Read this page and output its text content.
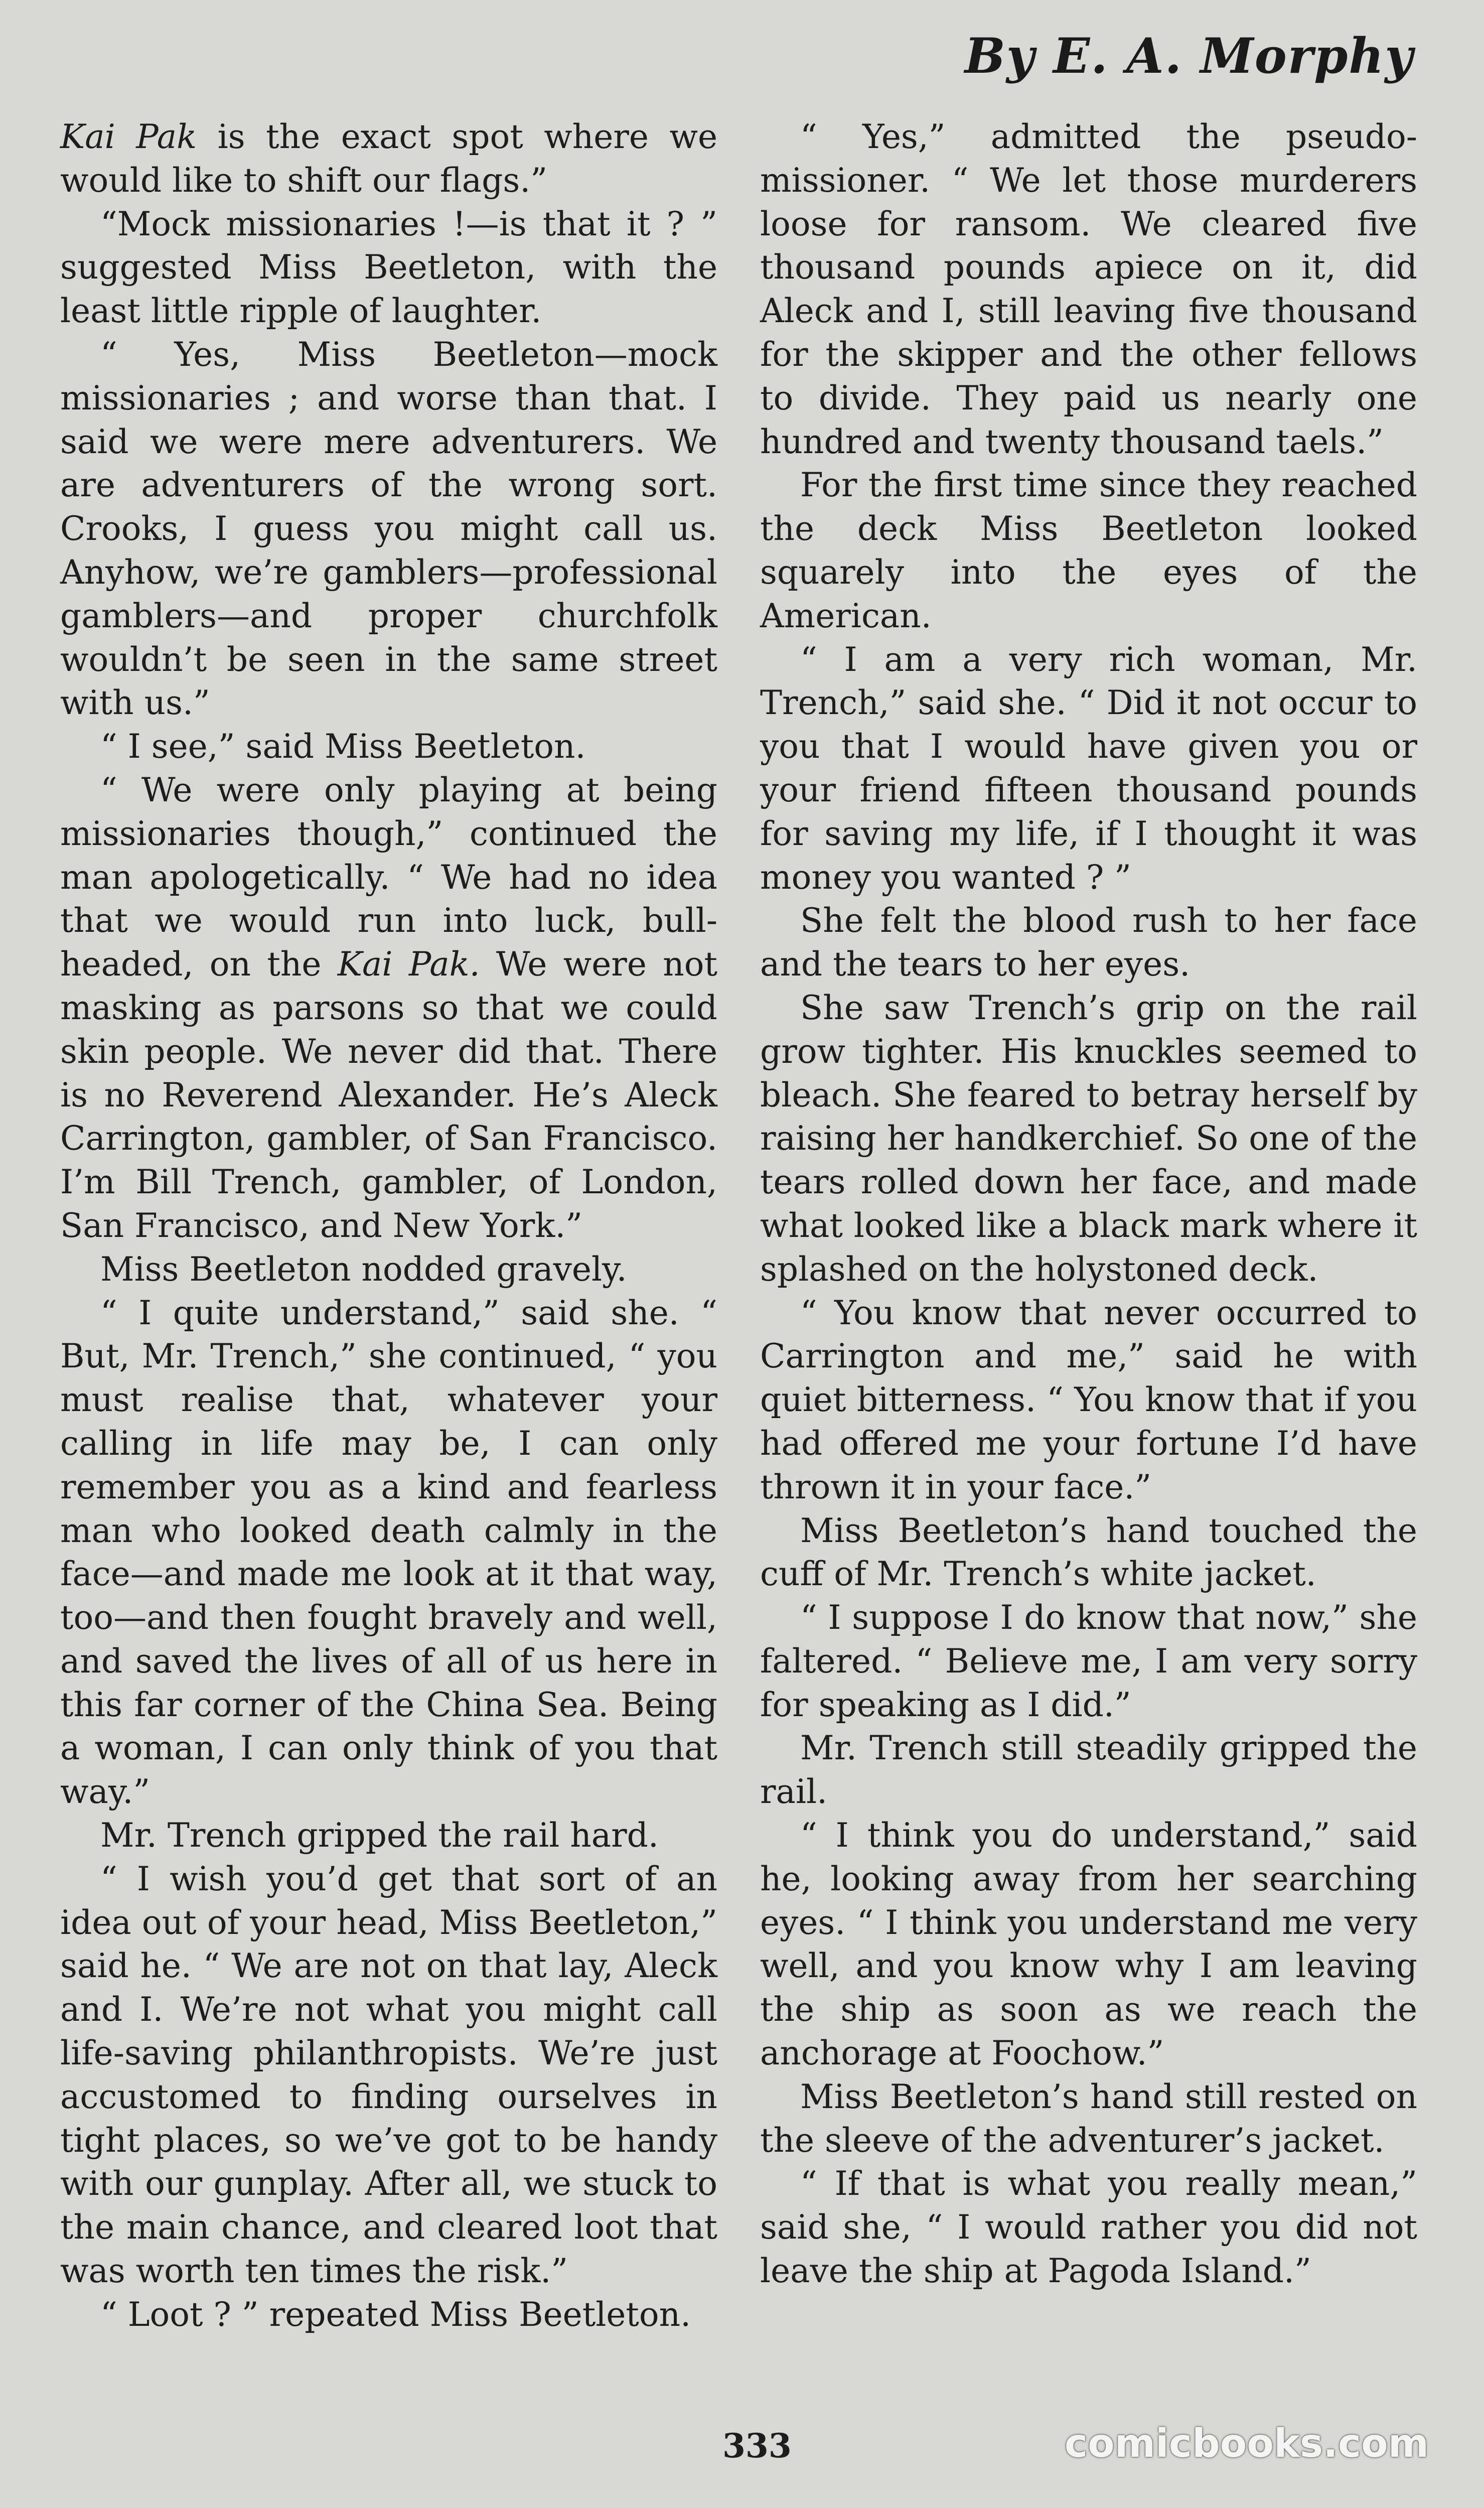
By E. A. Morphy

Kai Pak is the exact spot where we would like to shift our flags.”

“Mock missionaries !—is that it ? ” suggested Miss Beetleton, with the least little ripple of laughter.

“ Yes, Miss Beetleton—mock missionaries ; and worse than that. I said we were mere adventurers. We are adventurers of the wrong sort. Crooks, I guess you might call us. Anyhow, we’re gamblers—professional gamblers—and proper churchfolk wouldn’t be seen in the same street with us.”

“ I see,” said Miss Beetleton.

“ We were only playing at being missionaries though,” continued the man apologetically. “ We had no idea that we would run into luck, bull-headed, on the Kai Pak. We were not masking as parsons so that we could skin people. We never did that. There is no Reverend Alexander. He’s Aleck Carrington, gambler, of San Francisco. I’m Bill Trench, gambler, of London, San Francisco, and New York.”

Miss Beetleton nodded gravely.

“ I quite understand,” said she. “ But, Mr. Trench,” she continued, “ you must realise that, whatever your calling in life may be, I can only remember you as a kind and fearless man who looked death calmly in the face—and made me look at it that way, too—and then fought bravely and well, and saved the lives of all of us here in this far corner of the China Sea. Being a woman, I can only think of you that way.”

Mr. Trench gripped the rail hard.

“ I wish you’d get that sort of an idea out of your head, Miss Beetleton,” said he. “ We are not on that lay, Aleck and I. We’re not what you might call life-saving philanthropists. We’re just accustomed to finding ourselves in tight places, so we’ve got to be handy with our gunplay. After all, we stuck to the main chance, and cleared loot that was worth ten times the risk.”

“ Loot ? ” repeated Miss Beetleton.

“ Yes,” admitted the pseudo-missioner. “ We let those murderers loose for ransom. We cleared five thousand pounds apiece on it, did Aleck and I, still leaving five thousand for the skipper and the other fellows to divide. They paid us nearly one hundred and twenty thousand taels.”

For the first time since they reached the deck Miss Beetleton looked squarely into the eyes of the American.

“ I am a very rich woman, Mr. Trench,” said she. “ Did it not occur to you that I would have given you or your friend fifteen thousand pounds for saving my life, if I thought it was money you wanted ? ”

She felt the blood rush to her face and the tears to her eyes.

She saw Trench’s grip on the rail grow tighter. His knuckles seemed to bleach. She feared to betray herself by raising her handkerchief. So one of the tears rolled down her face, and made what looked like a black mark where it splashed on the holystoned deck.

“ You know that never occurred to Carrington and me,” said he with quiet bitterness. “ You know that if you had offered me your fortune I’d have thrown it in your face.”

Miss Beetleton’s hand touched the cuff of Mr. Trench’s white jacket.

“ I suppose I do know that now,” she faltered. “ Believe me, I am very sorry for speaking as I did.”

Mr. Trench still steadily gripped the rail.

“ I think you do understand,” said he, looking away from her searching eyes. “ I think you understand me very well, and you know why I am leaving the ship as soon as we reach the anchorage at Foochow.”

Miss Beetleton’s hand still rested on the sleeve of the adventurer’s jacket.

“ If that is what you really mean,” said she, “ I would rather you did not leave the ship at Pagoda Island.”

333	comicbooks.com
